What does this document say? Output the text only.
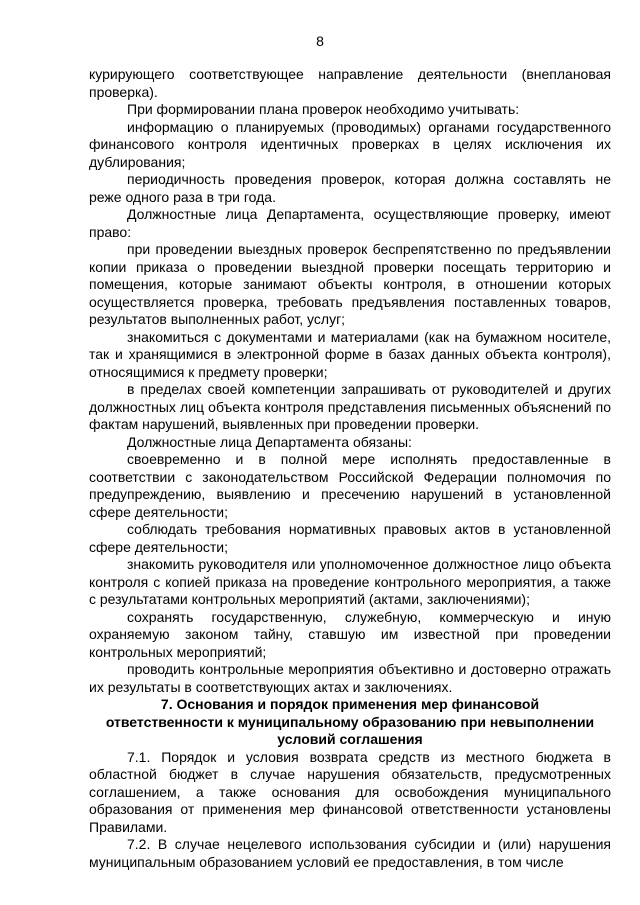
8

курирующего соответствующее направление деятельности (внеплановая проверка).

При формировании плана проверок необходимо учитывать:

информацию о планируемых (проводимых) органами государственного финансового контроля идентичных проверках в целях исключения их дублирования;

периодичность проведения проверок, которая должна составлять не реже одного раза в три года.

Должностные лица Департамента, осуществляющие проверку, имеют право:

при проведении выездных проверок беспрепятственно по предъявлении копии приказа о проведении выездной проверки посещать территорию и помещения, которые занимают объекты контроля, в отношении которых осуществляется проверка, требовать предъявления поставленных товаров, результатов выполненных работ, услуг;

знакомиться с документами и материалами (как на бумажном носителе, так и хранящимися в электронной форме в базах данных объекта контроля), относящимися к предмету проверки;

в пределах своей компетенции запрашивать от руководителей и других должностных лиц объекта контроля представления письменных объяснений по фактам нарушений, выявленных при проведении проверки.

Должностные лица Департамента обязаны:

своевременно и в полной мере исполнять предоставленные в соответствии с законодательством Российской Федерации полномочия по предупреждению, выявлению и пресечению нарушений в установленной сфере деятельности;

соблюдать требования нормативных правовых актов в установленной сфере деятельности;

знакомить руководителя или уполномоченное должностное лицо объекта контроля с копией приказа на проведение контрольного мероприятия, а также с результатами контрольных мероприятий (актами, заключениями);

сохранять государственную, служебную, коммерческую и иную охраняемую законом тайну, ставшую им известной при проведении контрольных мероприятий;

проводить контрольные мероприятия объективно и достоверно отражать их результаты в соответствующих актах и заключениях.

7. Основания и порядок применения мер финансовой ответственности к муниципальному образованию при невыполнении условий соглашения

7.1. Порядок и условия возврата средств из местного бюджета в областной бюджет в случае нарушения обязательств, предусмотренных соглашением, а также основания для освобождения муниципального образования от применения мер финансовой ответственности установлены Правилами.

7.2. В случае нецелевого использования субсидии и (или) нарушения муниципальным образованием условий ее предоставления, в том числе
